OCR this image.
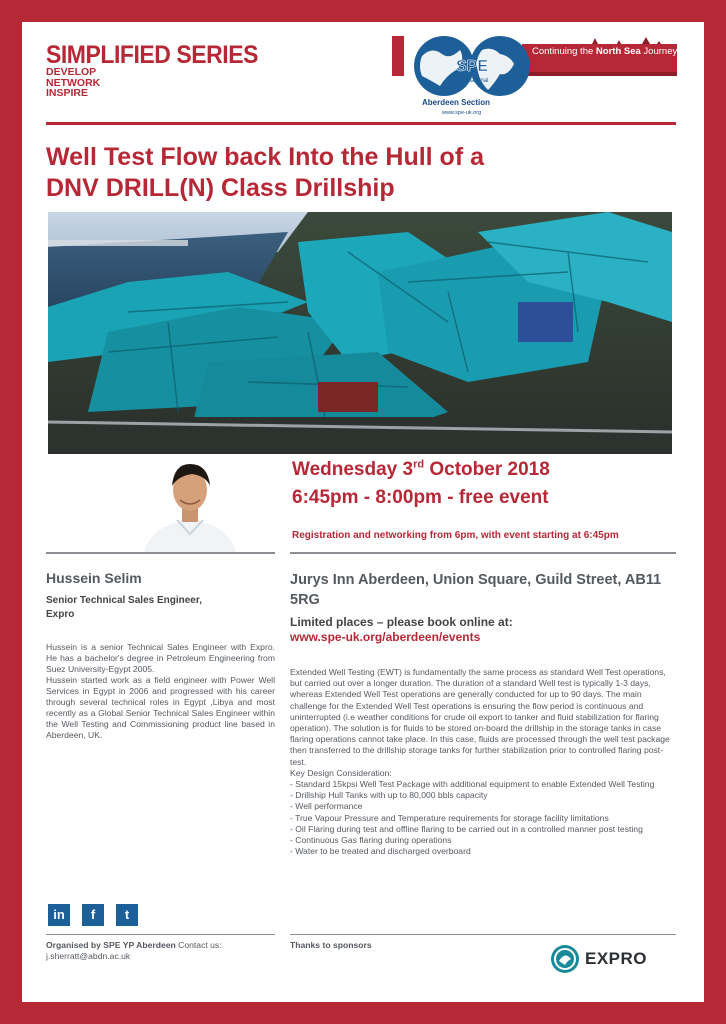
SIMPLIFIED SERIES
DEVELOP
NETWORK
INSPIRE
SPE
International
Continuing the North Sea Journey
Aberdeen Section
www.spe-uk.org
Well Test Flow back Into the Hull of a
DNV DRILL(N) Class Drillship
Wednesday 3rd October 2018
6:45pm - 8:00pm - free event
Registration and networking from 6pm, with event starting at 6:45pm
Hussein Selim
Senior Technical Sales Engineer,
Expro
Hussein is a senior Technical Sales Engineer with Expro. He has a bachelor's degree in Petroleum Engineering from Suez University-Egypt 2005.
Hussein started work as a field engineer with Power Well Services in Egypt in 2006 and progressed with his career through several technical roles in Egypt ,Libya and most recently as a Global Senior Technical Sales Engineer within the Well Testing and Commissioning product line based in Aberdeen, UK.
Jurys Inn Aberdeen, Union Square, Guild Street, AB11 5RG
Limited places – please book online at:
www.spe-uk.org/aberdeen/events
Extended Well Testing (EWT) is fundamentally the same process as standard Well Test operations, but carried out over a longer duration. The duration of a standard Well test is typically 1-3 days, whereas Extended Well Test operations are generally conducted for up to 90 days. The main challenge for the Extended Well Test operations is ensuring the flow period is continuous and uninterrupted (i.e weather conditions for crude oil export to tanker and fluid stabilization for flaring operation). The solution is for fluids to be stored on-board the drillship in the storage tanks in case flaring operations cannot take place. In this case, fluids are processed through the well test package then transferred to the drillship storage tanks for further stabilization prior to controlled flaring post-test.
Key Design Consideration:
- Standard 15kpsi Well Test Package with additional equipment to enable Extended Well Testing
- Drillship Hull Tanks with up to 80,000 bbls capacity
- Well performance
- True Vapour Pressure and Temperature requirements for storage facility limitations
- Oil Flaring during test and offline flaring to be carried out in a controlled manner post testing
- Continuous Gas flaring during operations
- Water to be treated and discharged overboard
in	f	t
Organised by SPE YP Aberdeen Contact us:
j.sherratt@abdn.ac.uk
Thanks to sponsors
EXPRO
